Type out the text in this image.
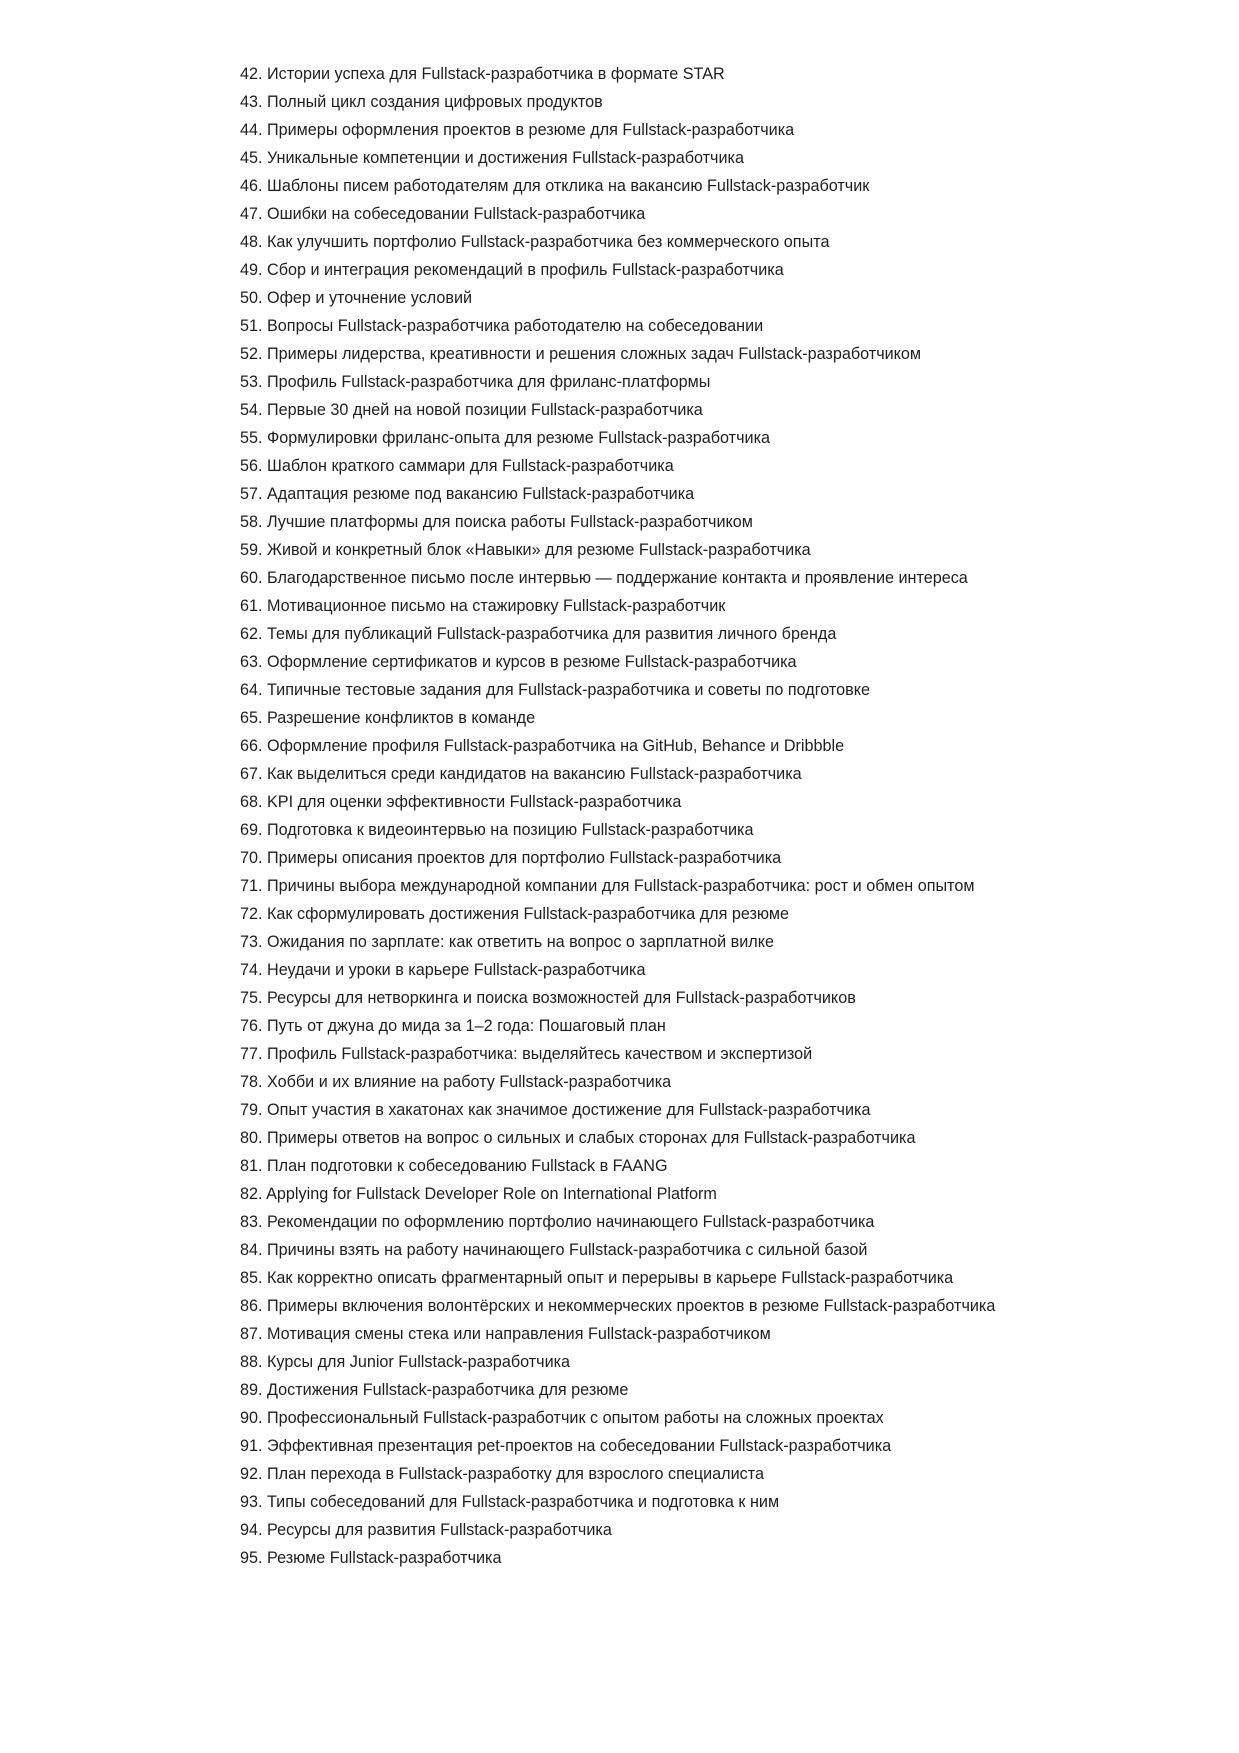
42. Истории успеха для Fullstack-разработчика в формате STAR
43. Полный цикл создания цифровых продуктов
44. Примеры оформления проектов в резюме для Fullstack-разработчика
45. Уникальные компетенции и достижения Fullstack-разработчика
46. Шаблоны писем работодателям для отклика на вакансию Fullstack-разработчик
47. Ошибки на собеседовании Fullstack-разработчика
48. Как улучшить портфолио Fullstack-разработчика без коммерческого опыта
49. Сбор и интеграция рекомендаций в профиль Fullstack-разработчика
50. Офер и уточнение условий
51. Вопросы Fullstack-разработчика работодателю на собеседовании
52. Примеры лидерства, креативности и решения сложных задач Fullstack-разработчиком
53. Профиль Fullstack-разработчика для фриланс-платформы
54. Первые 30 дней на новой позиции Fullstack-разработчика
55. Формулировки фриланс-опыта для резюме Fullstack-разработчика
56. Шаблон краткого саммари для Fullstack-разработчика
57. Адаптация резюме под вакансию Fullstack-разработчика
58. Лучшие платформы для поиска работы Fullstack-разработчиком
59. Живой и конкретный блок «Навыки» для резюме Fullstack-разработчика
60. Благодарственное письмо после интервью — поддержание контакта и проявление интереса
61. Мотивационное письмо на стажировку Fullstack-разработчик
62. Темы для публикаций Fullstack-разработчика для развития личного бренда
63. Оформление сертификатов и курсов в резюме Fullstack-разработчика
64. Типичные тестовые задания для Fullstack-разработчика и советы по подготовке
65. Разрешение конфликтов в команде
66. Оформление профиля Fullstack-разработчика на GitHub, Behance и Dribbble
67. Как выделиться среди кандидатов на вакансию Fullstack-разработчика
68. KPI для оценки эффективности Fullstack-разработчика
69. Подготовка к видеоинтервью на позицию Fullstack-разработчика
70. Примеры описания проектов для портфолио Fullstack-разработчика
71. Причины выбора международной компании для Fullstack-разработчика: рост и обмен опытом
72. Как сформулировать достижения Fullstack-разработчика для резюме
73. Ожидания по зарплате: как ответить на вопрос о зарплатной вилке
74. Неудачи и уроки в карьере Fullstack-разработчика
75. Ресурсы для нетворкинга и поиска возможностей для Fullstack-разработчиков
76. Путь от джуна до мида за 1–2 года: Пошаговый план
77. Профиль Fullstack-разработчика: выделяйтесь качеством и экспертизой
78. Хобби и их влияние на работу Fullstack-разработчика
79. Опыт участия в хакатонах как значимое достижение для Fullstack-разработчика
80. Примеры ответов на вопрос о сильных и слабых сторонах для Fullstack-разработчика
81. План подготовки к собеседованию Fullstack в FAANG
82. Applying for Fullstack Developer Role on International Platform
83. Рекомендации по оформлению портфолио начинающего Fullstack-разработчика
84. Причины взять на работу начинающего Fullstack-разработчика с сильной базой
85. Как корректно описать фрагментарный опыт и перерывы в карьере Fullstack-разработчика
86. Примеры включения волонтёрских и некоммерческих проектов в резюме Fullstack-разработчика
87. Мотивация смены стека или направления Fullstack-разработчиком
88. Курсы для Junior Fullstack-разработчика
89. Достижения Fullstack-разработчика для резюме
90. Профессиональный Fullstack-разработчик с опытом работы на сложных проектах
91. Эффективная презентация pet-проектов на собеседовании Fullstack-разработчика
92. План перехода в Fullstack-разработку для взрослого специалиста
93. Типы собеседований для Fullstack-разработчика и подготовка к ним
94. Ресурсы для развития Fullstack-разработчика
95. Резюме Fullstack-разработчика
